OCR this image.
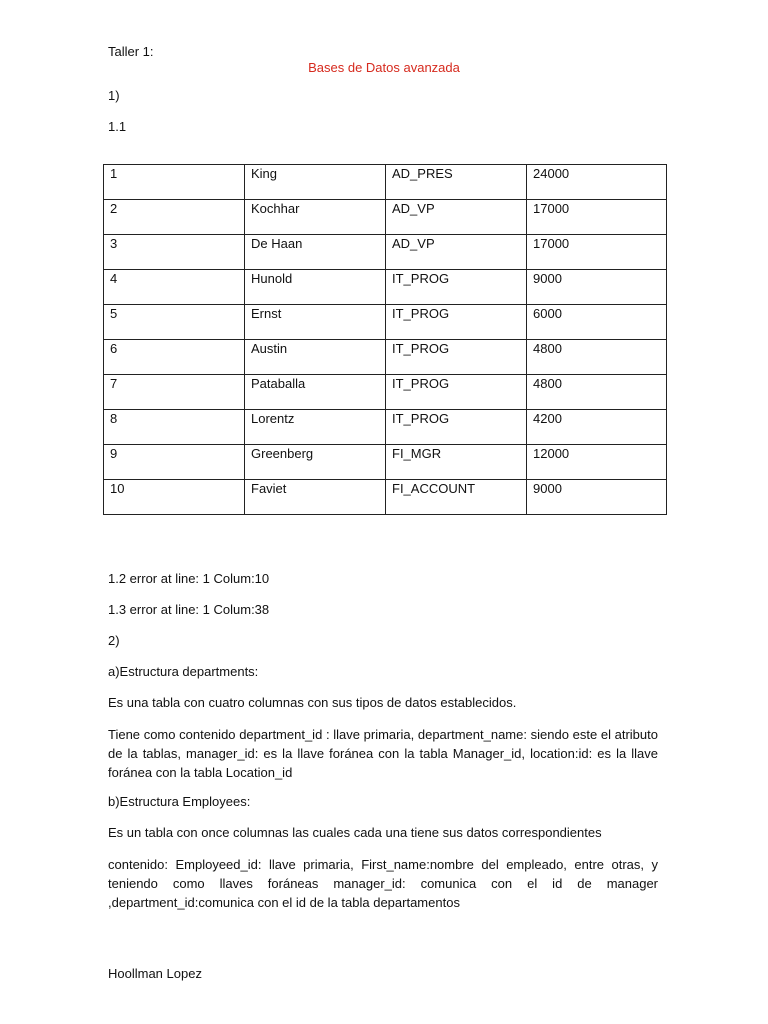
Taller 1:
Bases de Datos avanzada
1)
1.1
1	King	AD_PRES	24000
2	Kochhar	AD_VP	17000
3	De Haan	AD_VP	17000
4	Hunold	IT_PROG	9000
5	Ernst	IT_PROG	6000
6	Austin	IT_PROG	4800
7	Pataballa	IT_PROG	4800
8	Lorentz	IT_PROG	4200
9	Greenberg	FI_MGR	12000
10	Faviet	FI_ACCOUNT	9000
1.2 error at line: 1 Colum:10
1.3 error at line: 1 Colum:38
2)
a)Estructura departments:
Es una tabla con cuatro columnas con sus tipos de datos establecidos.
Tiene como contenido department_id : llave primaria, department_name: siendo este el atributo de la tablas, manager_id: es la llave foránea con la tabla Manager_id, location:id: es la llave foránea con la tabla Location_id
b)Estructura Employees:
Es un tabla con once columnas las cuales cada una tiene sus datos correspondientes
contenido: Employeed_id: llave primaria, First_name:nombre del empleado, entre otras, y teniendo como llaves foráneas manager_id: comunica con el id de manager ,department_id:comunica con el id de la tabla departamentos
Hoollman Lopez
